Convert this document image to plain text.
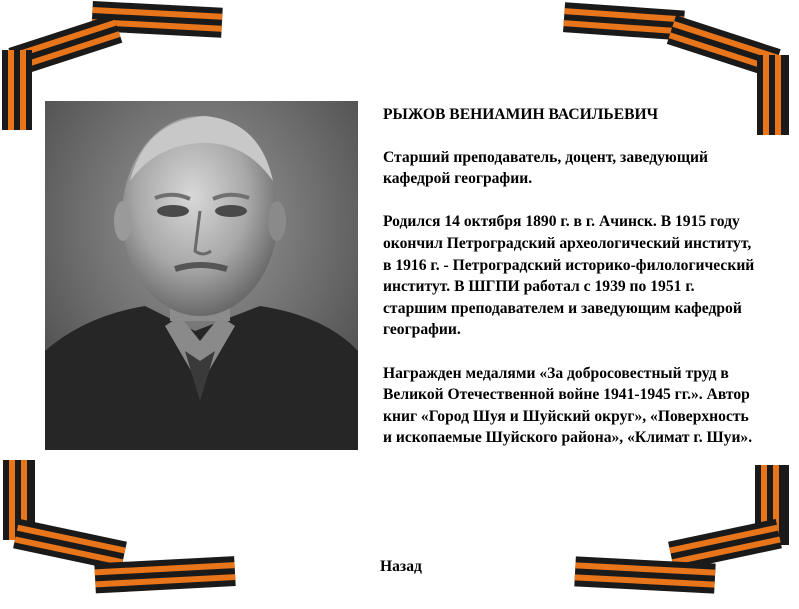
РЫЖОВ ВЕНИАМИН ВАСИЛЬЕВИЧ

Старший преподаватель, доцент, заведующий кафедрой географии.

Родился 14 октября 1890 г. в г. Ачинск. В 1915 году окончил Петроградский археологический институт, в 1916 г. - Петроградский историко-филологический институт. В ШГПИ работал с 1939 по 1951 г. старшим преподавателем и заведующим кафедрой географии.

Награжден медалями «За добросовестный труд в Великой Отечественной войне 1941-1945 гг.». Автор книг «Город Шуя и Шуйский округ», «Поверхность и ископаемые Шуйского района», «Климат г. Шуи».

Назад
